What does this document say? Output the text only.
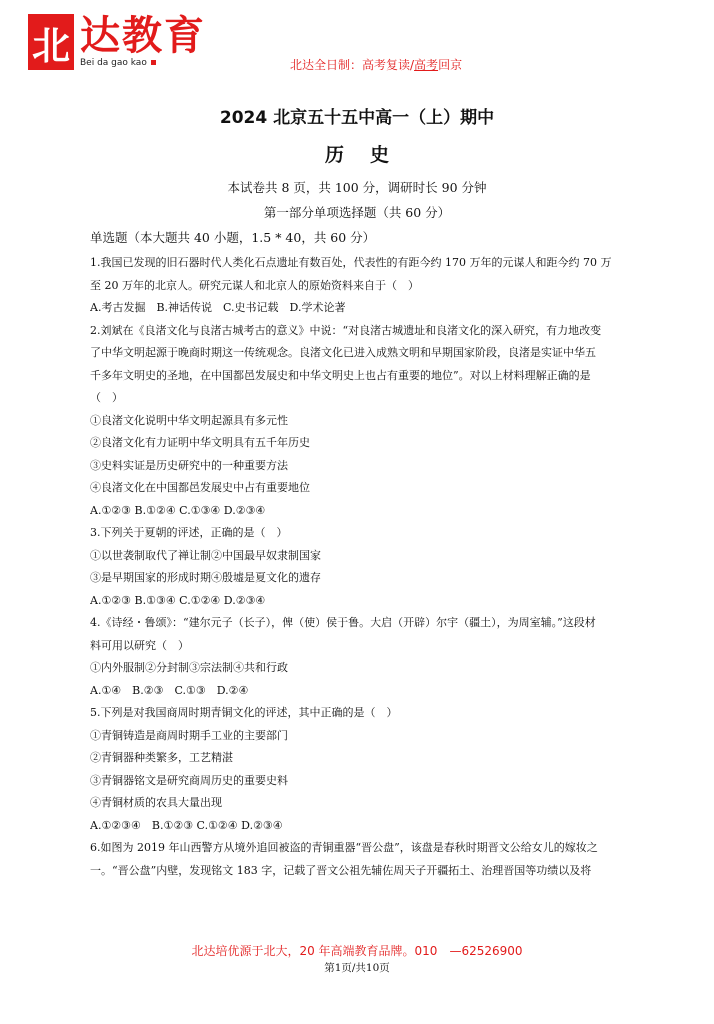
北 达教育
Bei da gao kao	北达全日制：高考复读/高考回京
2024 北京五十五中高一（上）期中
历史
本试卷共 8 页，共 100 分，调研时长 90 分钟
第一部分单项选择题（共 60 分）
单选题（本大题共 40 小题，1.5 * 40，共 60 分）

1.我国已发现的旧石器时代人类化石点遗址有数百处，代表性的有距今约 170 万年的元谋人和距今约 70 万

至 20 万年的北京人。研究元谋人和北京人的原始资料来自于（　）

A.考古发掘　B.神话传说　C.史书记载　D.学术论著

2.刘斌在《良渚文化与良渚古城考古的意义》中说：“对良渚古城遗址和良渚文化的深入研究，有力地改变

了中华文明起源于晚商时期这一传统观念。良渚文化已进入成熟文明和早期国家阶段，良渚是实证中华五

千多年文明史的圣地，在中国都邑发展史和中华文明史上也占有重要的地位”。对以上材料理解正确的是

（　）

①良渚文化说明中华文明起源具有多元性

②良渚文化有力证明中华文明具有五千年历史

③史料实证是历史研究中的一种重要方法

④良渚文化在中国都邑发展史中占有重要地位

A.①②③ B.①②④ C.①③④ D.②③④

3.下列关于夏朝的评述，正确的是（　）

①以世袭制取代了禅让制②中国最早奴隶制国家

③是早期国家的形成时期④殷墟是夏文化的遗存

A.①②③ B.①③④ C.①②④ D.②③④

4.《诗经・鲁颂》：“建尔元子（长子），俾（使）侯于鲁。大启（开辟）尔宇（疆土），为周室辅。”这段材

料可用以研究（　）

①内外服制②分封制③宗法制④共和行政

A.①④　B.②③　C.①③　D.②④

5.下列是对我国商周时期青铜文化的评述，其中正确的是（　）

①青铜铸造是商周时期手工业的主要部门

②青铜器种类繁多，工艺精湛

③青铜器铭文是研究商周历史的重要史料

④青铜材质的农具大量出现

A.①②③④　B.①②③ C.①②④ D.②③④

6.如图为 2019 年山西警方从境外追回被盗的青铜重器“晋公盘”，该盘是春秋时期晋文公给女儿的嫁妆之

一。“晋公盘”内壁，发现铭文 183 字，记载了晋文公祖先辅佐周天子开疆拓土、治理晋国等功绩以及将

北达培优源于北大，20 年高端教育品牌。010　—62526900
第1页/共10页
